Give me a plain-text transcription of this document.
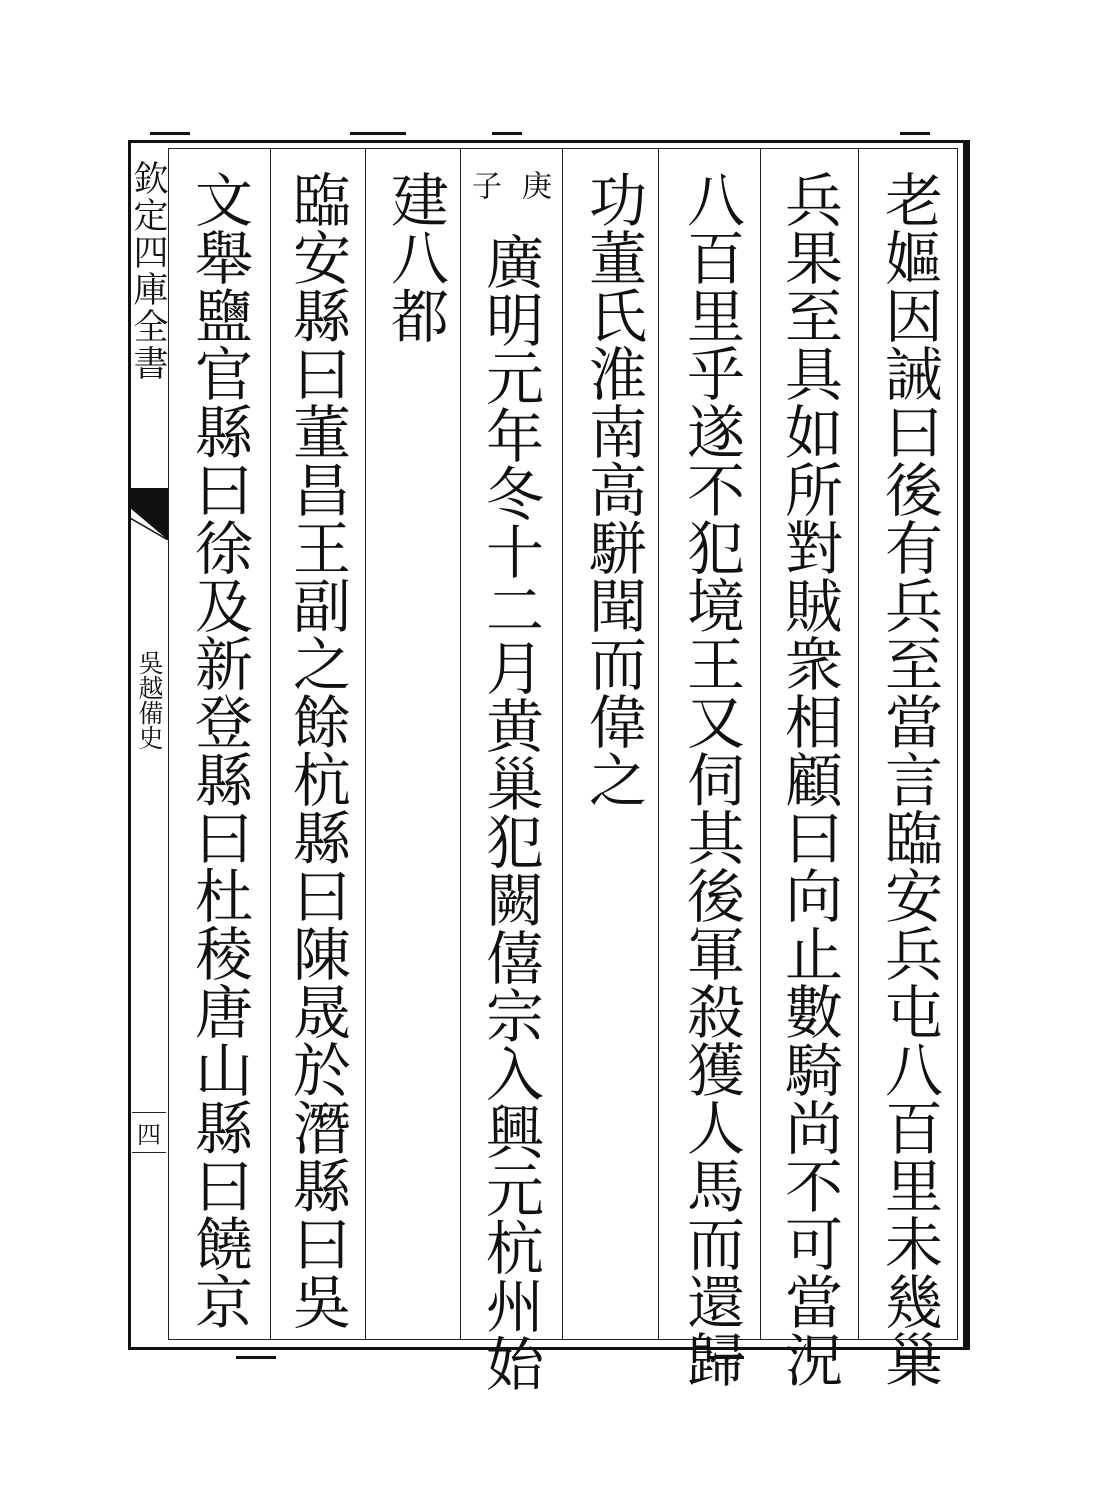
欽定四庫全書
吳越備史
四	老嫗因誡曰後有兵至當言臨安兵屯八百里未幾巢
兵果至具如所對賊衆相顧曰向止數騎尚不可當況
八百里乎遂不犯境王又伺其後軍殺獲人馬而還歸
功董氏淮南高駢聞而偉之
庚
子
廣明元年冬十二月黄巢犯闕僖宗入興元杭州始
建八都
臨安縣曰董昌王副之餘杭縣曰陳晟於潛縣曰吳
文舉鹽官縣曰徐及新登縣曰杜稜唐山縣曰饒京
